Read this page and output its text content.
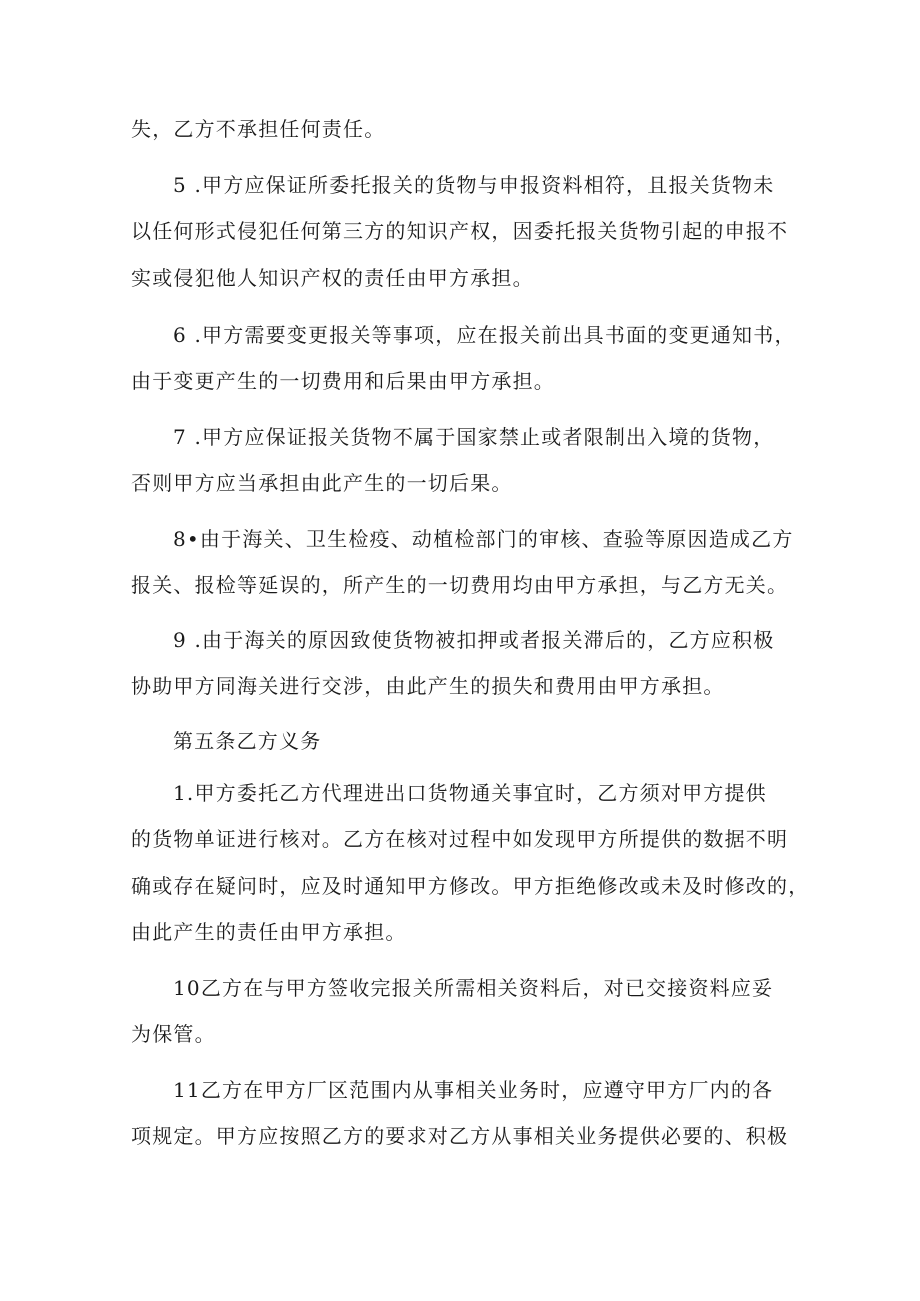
失，乙方不承担任何责任。
5 .甲方应保证所委托报关的货物与申报资料相符，且报关货物未
以任何形式侵犯任何第三方的知识产权，因委托报关货物引起的申报不
实或侵犯他人知识产权的责任由甲方承担。
6 .甲方需要变更报关等事项，应在报关前出具书面的变更通知书，
由于变更产生的一切费用和后果由甲方承担。
7 .甲方应保证报关货物不属于国家禁止或者限制出入境的货物，
否则甲方应当承担由此产生的一切后果。
8•由于海关、卫生检疫、动植检部门的审核、查验等原因造成乙方
报关、报检等延误的，所产生的一切费用均由甲方承担，与乙方无关。
9 .由于海关的原因致使货物被扣押或者报关滞后的，乙方应积极
协助甲方同海关进行交涉，由此产生的损失和费用由甲方承担。
第五条乙方义务
1.甲方委托乙方代理进出口货物通关事宜时，乙方须对甲方提供
的货物单证进行核对。乙方在核对过程中如发现甲方所提供的数据不明
确或存在疑问时，应及时通知甲方修改。甲方拒绝修改或未及时修改的，
由此产生的责任由甲方承担。
10乙方在与甲方签收完报关所需相关资料后，对已交接资料应妥
为保管。
11乙方在甲方厂区范围内从事相关业务时，应遵守甲方厂内的各
项规定。甲方应按照乙方的要求对乙方从事相关业务提供必要的、积极
